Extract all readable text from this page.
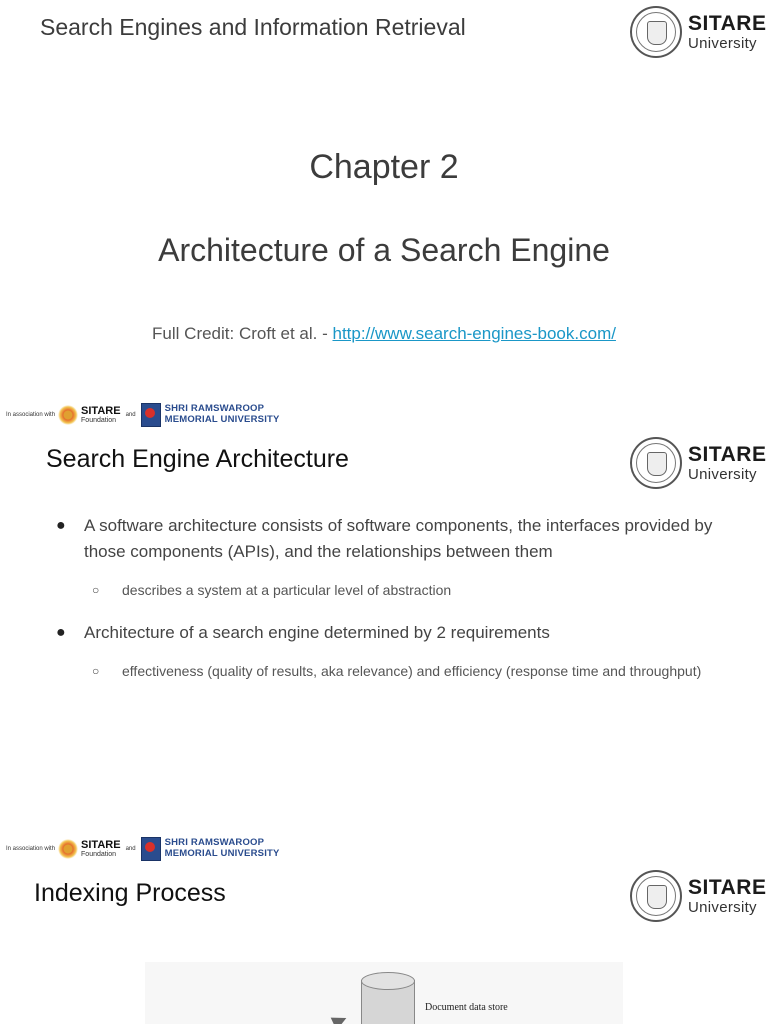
Search Engines and Information Retrieval	SITARE
University
Chapter 2
Architecture of a Search Engine
Full Credit: Croft et al. - http://www.search-engines-book.com/
In association with SITARE
Foundation
and
SHRI RAMSWAROOP
MEMORIAL UNIVERSITY
Search Engine Architecture	SITARE
University
● A software architecture consists of software components, the interfaces provided by those components (APIs), and the relationships between them
○ describes a system at a particular level of abstraction
● Architecture of a search engine determined by 2 requirements
○ effectiveness (quality of results, aka relevance) and efficiency (response time and throughput)
In association with SITARE
Foundation
and
SHRI RAMSWAROOP
MEMORIAL UNIVERSITY
Indexing Process	SITARE
University
Document data store
